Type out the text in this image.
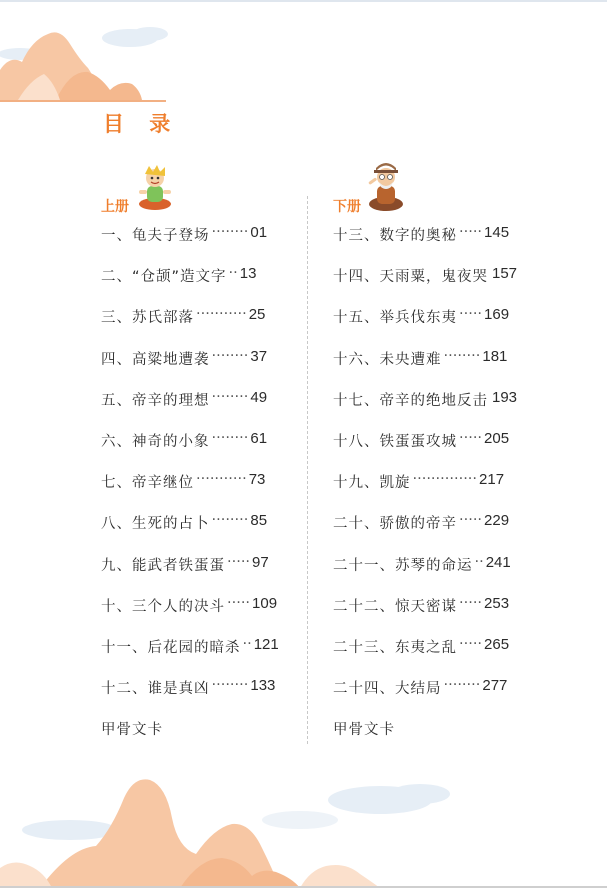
目 录
上册	下册
一、龟夫子登场 ········ 01
二、“仓颉”造文字 ·· 13
三、苏氏部落 ··········· 25
四、高粱地遭袭 ········ 37
五、帝辛的理想 ········ 49
六、神奇的小象 ········ 61
七、帝辛继位 ··········· 73
八、生死的占卜 ········ 85
九、能武者铁蛋蛋 ····· 97
十、三个人的决斗 ····· 109
十一、后花园的暗杀 ·· 121
十二、谁是真凶 ········ 133
甲骨文卡
十三、数字的奥秘 ····· 145
十四、天雨粟，鬼夜哭 157
十五、举兵伐东夷 ····· 169
十六、未央遭难 ········ 181
十七、帝辛的绝地反击 193
十八、铁蛋蛋攻城 ····· 205
十九、凯旋 ·············· 217
二十、骄傲的帝辛 ····· 229
二十一、苏琴的命运 ·· 241
二十二、惊天密谋 ····· 253
二十三、东夷之乱 ····· 265
二十四、大结局 ········ 277
甲骨文卡
